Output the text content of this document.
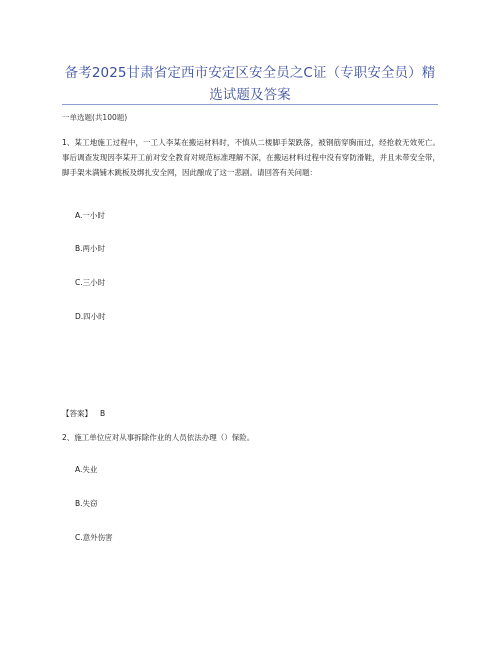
备考2025甘肃省定西市安定区安全员之C证（专职安全员）精选试题及答案
一单选题(共100题)
1、某工地施工过程中，一工人李某在搬运材料时，不慎从二楼脚手架跌落，被钢筋穿胸而过，经抢救无效死亡。事后调查发现因李某开工前对安全教育对规范标准理解不深，在搬运材料过程中没有穿防滑鞋，并且未带安全带，脚手架未满铺木跳板及绑扎安全网，因此酿成了这一悲剧。请回答有关问题：
A.一小时
B.两小时
C.三小时
D.四小时
【答案】 B
2、施工单位应对从事拆除作业的人员依法办理（）保险。
A.失业
B.失窃
C.意外伤害
